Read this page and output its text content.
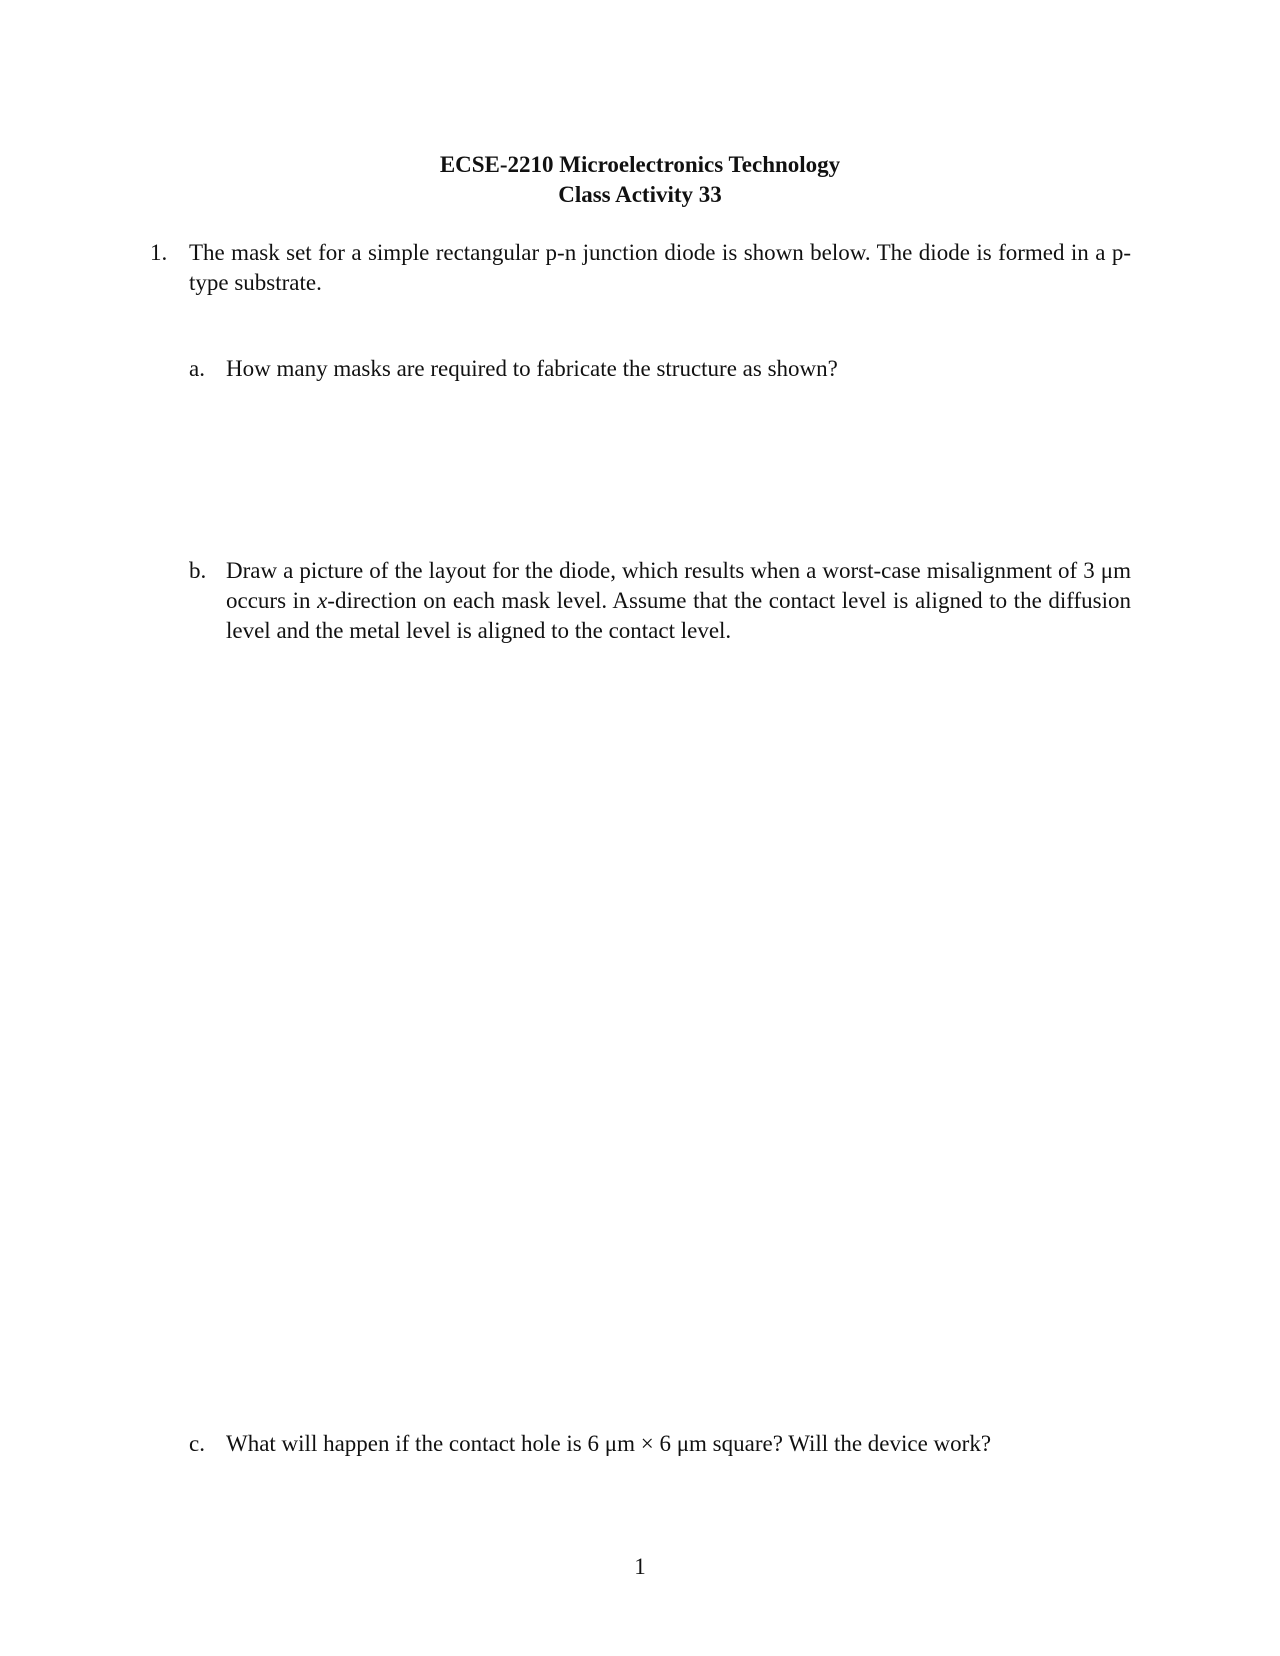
ECSE-2210 Microelectronics Technology
Class Activity 33
1. The mask set for a simple rectangular p-n junction diode is shown below. The diode is formed in a p-type substrate.
a. How many masks are required to fabricate the structure as shown?
b. Draw a picture of the layout for the diode, which results when a worst-case misalignment of 3 μm occurs in x-direction on each mask level. Assume that the contact level is aligned to the diffusion level and the metal level is aligned to the contact level.
c. What will happen if the contact hole is 6 μm × 6 μm square? Will the device work?
1
